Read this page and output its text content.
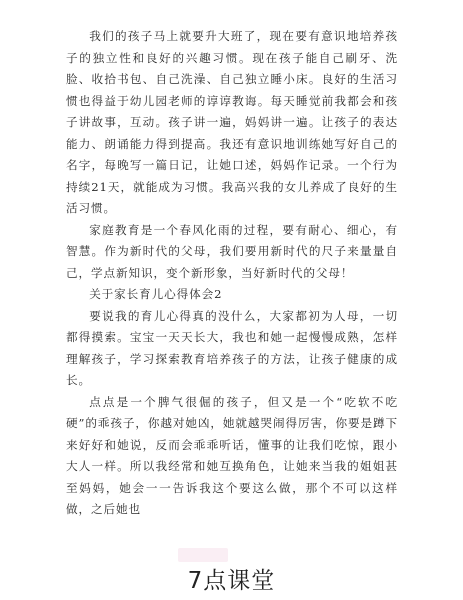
我们的孩子马上就要升大班了，现在要有意识地培养孩子的独立性和良好的兴趣习惯。现在孩子能自己刷牙、洗脸、收拾书包、自己洗澡、自己独立睡小床。良好的生活习惯也得益于幼儿园老师的谆谆教诲。每天睡觉前我都会和孩子讲故事，互动。孩子讲一遍，妈妈讲一遍。让孩子的表达能力、朗诵能力得到提高。我还有意识地训练她写好自己的名字，每晚写一篇日记，让她口述，妈妈作记录。一个行为持续21天，就能成为习惯。我高兴我的女儿养成了良好的生活习惯。

家庭教育是一个春风化雨的过程，要有耐心、细心，有智慧。作为新时代的父母，我们要用新时代的尺子来量量自己，学点新知识，变个新形象，当好新时代的父母！

关于家长育儿心得体会2

要说我的育儿心得真的没什么，大家都初为人母，一切都得摸索。宝宝一天天长大，我也和她一起慢慢成熟，怎样理解孩子，学习探索教育培养孩子的方法，让孩子健康的成长。

点点是一个脾气很倔的孩子，但又是一个“吃软不吃硬”的乖孩子，你越对她凶，她就越哭闹得厉害，你要是蹲下来好好和她说，反而会乖乖听话，懂事的让我们吃惊，跟小大人一样。所以我经常和她互换角色，让她来当我的姐姐甚至妈妈，她会一一告诉我这个要这么做，那个不可以这样做，之后她也

7点课堂
